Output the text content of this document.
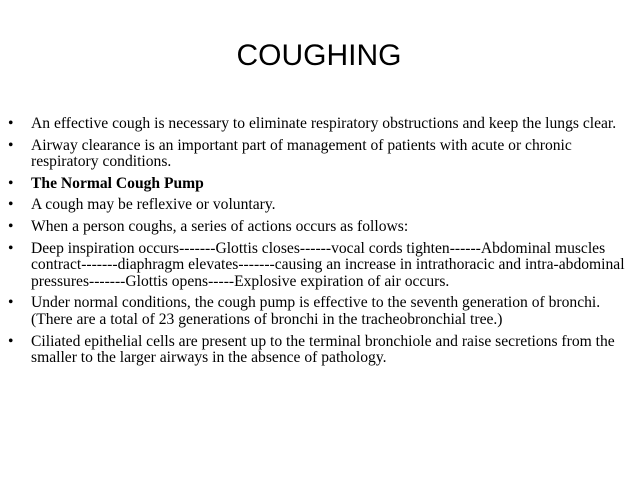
COUGHING
• An effective cough is necessary to eliminate respiratory obstructions and keep the lungs clear.
• Airway clearance is an important part of management of patients with acute or chronic respiratory conditions.
• The Normal Cough Pump
• A cough may be reflexive or voluntary.
• When a person coughs, a series of actions occurs as follows:
• Deep inspiration occurs-------Glottis closes------vocal cords tighten------Abdominal muscles contract-------diaphragm elevates-------causing an increase in intrathoracic and intra-abdominal pressures-------Glottis opens-----Explosive expiration of air occurs.
• Under normal conditions, the cough pump is effective to the seventh generation of bronchi. (There are a total of 23 generations of bronchi in the tracheobronchial tree.)
• Ciliated epithelial cells are present up to the terminal bronchiole and raise secretions from the smaller to the larger airways in the absence of pathology.
